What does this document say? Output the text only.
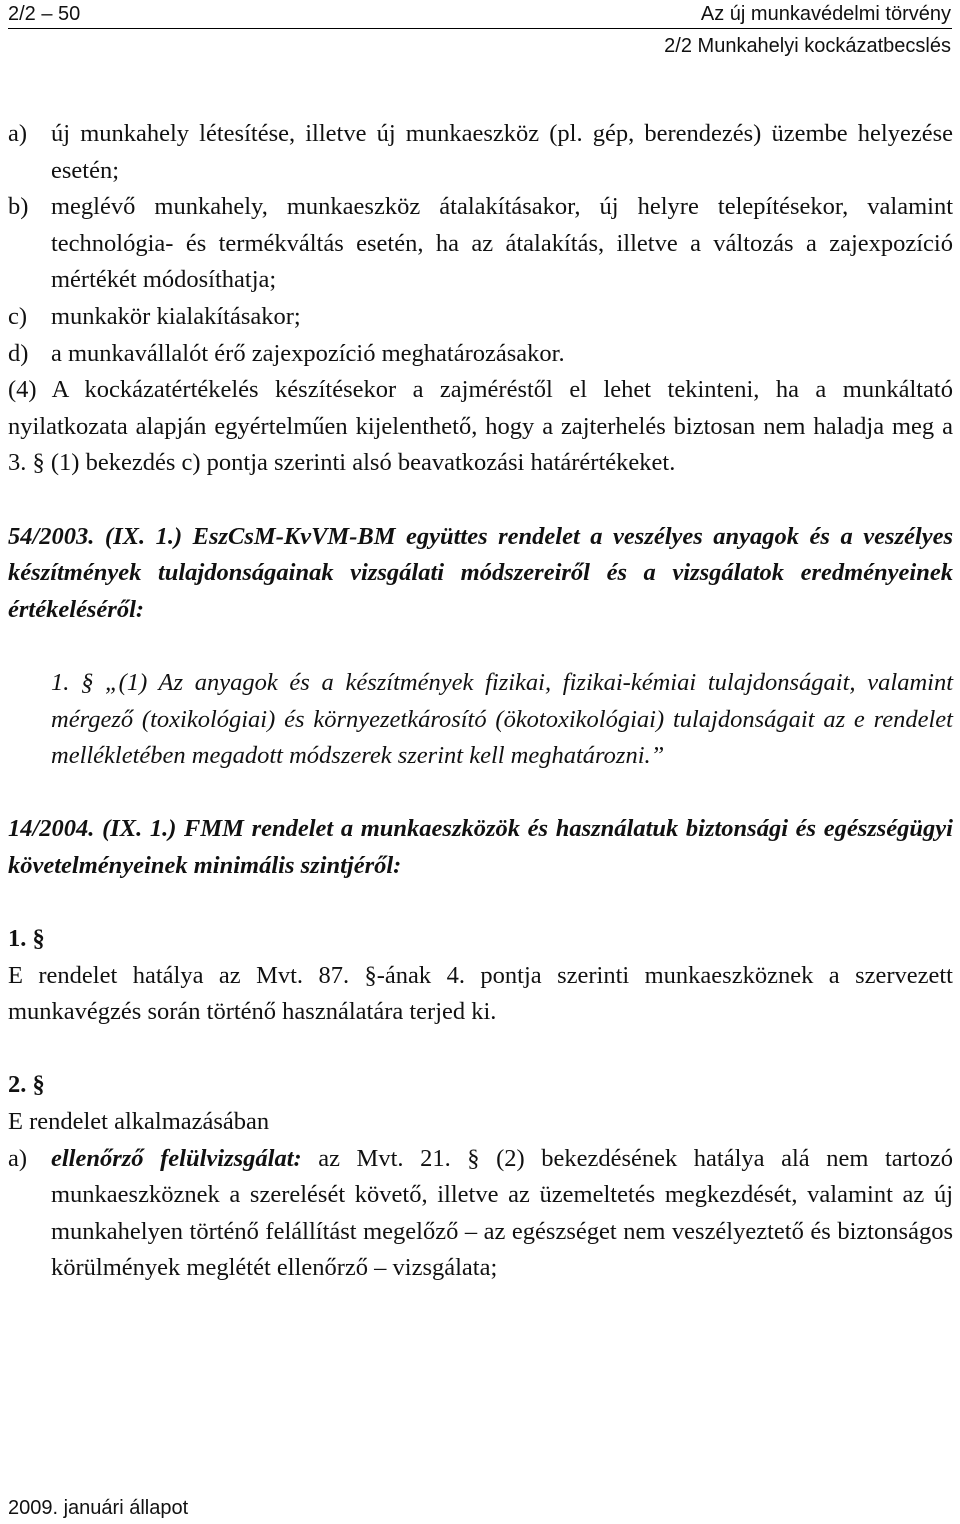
2/2 – 50	Az új munkavédelmi törvény
2/2 Munkahelyi kockázatbecslés
a) új munkahely létesítése, illetve új munkaeszköz (pl. gép, berendezés) üzembe helyezése esetén;
b) meglévő munkahely, munkaeszköz átalakításakor, új helyre telepítésekor, valamint technológia- és termékváltás esetén, ha az átalakítás, illetve a változás a zajexpozíció mértékét módosíthatja;
c) munkakör kialakításakor;
d) a munkavállalót érő zajexpozíció meghatározásakor.
(4) A kockázatértékelés készítésekor a zajméréstől el lehet tekinteni, ha a munkáltató nyilatkozata alapján egyértelműen kijelenthető, hogy a zajterhelés biztosan nem haladja meg a 3. § (1) bekezdés c) pontja szerinti alsó beavatkozási határértékeket.
54/2003. (IX. 1.) EszCsM-KvVM-BM együttes rendelet a veszélyes anyagok és a veszélyes készítmények tulajdonságainak vizsgálati módszereiről és a vizsgálatok eredményeinek értékeléséről:
1. § „(1) Az anyagok és a készítmények fizikai, fizikai-kémiai tulajdonságait, valamint mérgező (toxikológiai) és környezetkárosító (ökotoxikológiai) tulajdonságait az e rendelet mellékletében megadott módszerek szerint kell meghatározni.”
14/2004. (IX. 1.) FMM rendelet a munkaeszközök és használatuk biztonsági és egészségügyi követelményeinek minimális szintjéről:
1. §
E rendelet hatálya az Mvt. 87. §-ának 4. pontja szerinti munkaeszköznek a szervezett munkavégzés során történő használatára terjed ki.
2. §
E rendelet alkalmazásában
a) ellenőrző felülvizsgálat: az Mvt. 21. § (2) bekezdésének hatálya alá nem tartozó munkaeszköznek a szerelését követő, illetve az üzemeltetés megkezdését, valamint az új munkahelyen történő felállítást megelőző – az egészséget nem veszélyeztető és biztonságos körülmények meglétét ellenőrző – vizsgálata;
2009. januári állapot
